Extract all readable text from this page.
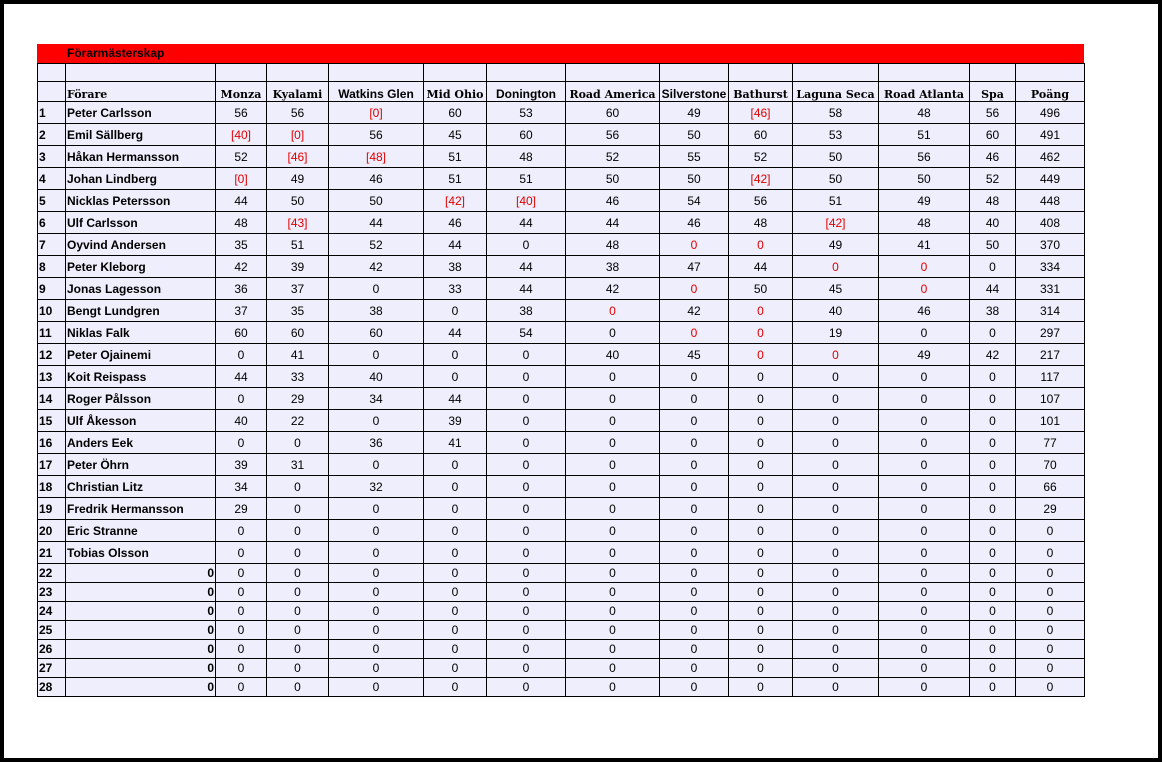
Förarmästerskap

	Förare	Monza	Kyalami	Watkins Glen	Mid Ohio	Donington	Road America	Silverstone	Bathurst	Laguna Seca	Road Atlanta	Spa	Poäng
1	Peter Carlsson	56	56	[0]	60	53	60	49	[46]	58	48	56	496
2	Emil Sällberg	[40]	[0]	56	45	60	56	50	60	53	51	60	491
3	Håkan Hermansson	52	[46]	[48]	51	48	52	55	52	50	56	46	462
4	Johan Lindberg	[0]	49	46	51	51	50	50	[42]	50	50	52	449
5	Nicklas Petersson	44	50	50	[42]	[40]	46	54	56	51	49	48	448
6	Ulf Carlsson	48	[43]	44	46	44	44	46	48	[42]	48	40	408
7	Oyvind Andersen	35	51	52	44	0	48	0	0	49	41	50	370
8	Peter Kleborg	42	39	42	38	44	38	47	44	0	0	0	334
9	Jonas Lagesson	36	37	0	33	44	42	0	50	45	0	44	331
10	Bengt Lundgren	37	35	38	0	38	0	42	0	40	46	38	314
11	Niklas Falk	60	60	60	44	54	0	0	0	19	0	0	297
12	Peter Ojainemi	0	41	0	0	0	40	45	0	0	49	42	217
13	Koit Reispass	44	33	40	0	0	0	0	0	0	0	0	117
14	Roger Pålsson	0	29	34	44	0	0	0	0	0	0	0	107
15	Ulf Åkesson	40	22	0	39	0	0	0	0	0	0	0	101
16	Anders Eek	0	0	36	41	0	0	0	0	0	0	0	77
17	Peter Öhrn	39	31	0	0	0	0	0	0	0	0	0	70
18	Christian Litz	34	0	32	0	0	0	0	0	0	0	0	66
19	Fredrik Hermansson	29	0	0	0	0	0	0	0	0	0	0	29
20	Eric Stranne	0	0	0	0	0	0	0	0	0	0	0	0
21	Tobias Olsson	0	0	0	0	0	0	0	0	0	0	0	0
22	0	0	0	0	0	0	0	0	0	0	0	0	0
23	0	0	0	0	0	0	0	0	0	0	0	0	0
24	0	0	0	0	0	0	0	0	0	0	0	0	0
25	0	0	0	0	0	0	0	0	0	0	0	0	0
26	0	0	0	0	0	0	0	0	0	0	0	0	0
27	0	0	0	0	0	0	0	0	0	0	0	0	0
28	0	0	0	0	0	0	0	0	0	0	0	0	0
